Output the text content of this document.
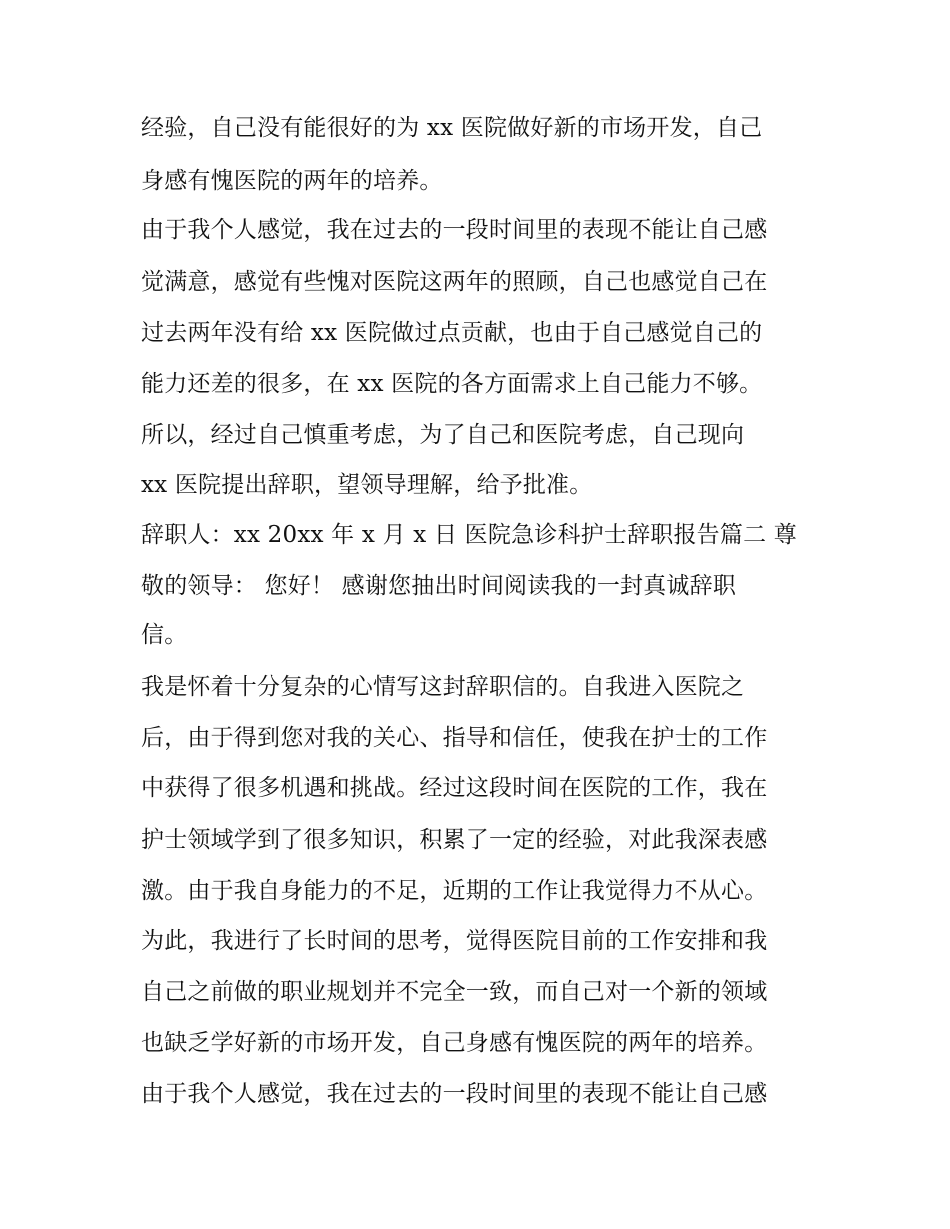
经验，自己没有能很好的为 xx 医院做好新的市场开发，自己
身感有愧医院的两年的培养。
由于我个人感觉，我在过去的一段时间里的表现不能让自己感
觉满意，感觉有些愧对医院这两年的照顾，自己也感觉自己在
过去两年没有给 xx 医院做过点贡献，也由于自己感觉自己的
能力还差的很多，在 xx 医院的各方面需求上自己能力不够。
所以，经过自己慎重考虑，为了自己和医院考虑，自己现向
xx 医院提出辞职，望领导理解，给予批准。
辞职人：xx 20xx 年 x 月 x 日 医院急诊科护士辞职报告篇二 尊
敬的领导： 您好！ 感谢您抽出时间阅读我的一封真诚辞职
信。
我是怀着十分复杂的心情写这封辞职信的。自我进入医院之
后，由于得到您对我的关心、指导和信任，使我在护士的工作
中获得了很多机遇和挑战。经过这段时间在医院的工作，我在
护士领域学到了很多知识，积累了一定的经验，对此我深表感
激。由于我自身能力的不足，近期的工作让我觉得力不从心。
为此，我进行了长时间的思考，觉得医院目前的工作安排和我
自己之前做的职业规划并不完全一致，而自己对一个新的领域
也缺乏学好新的市场开发，自己身感有愧医院的两年的培养。
由于我个人感觉，我在过去的一段时间里的表现不能让自己感
